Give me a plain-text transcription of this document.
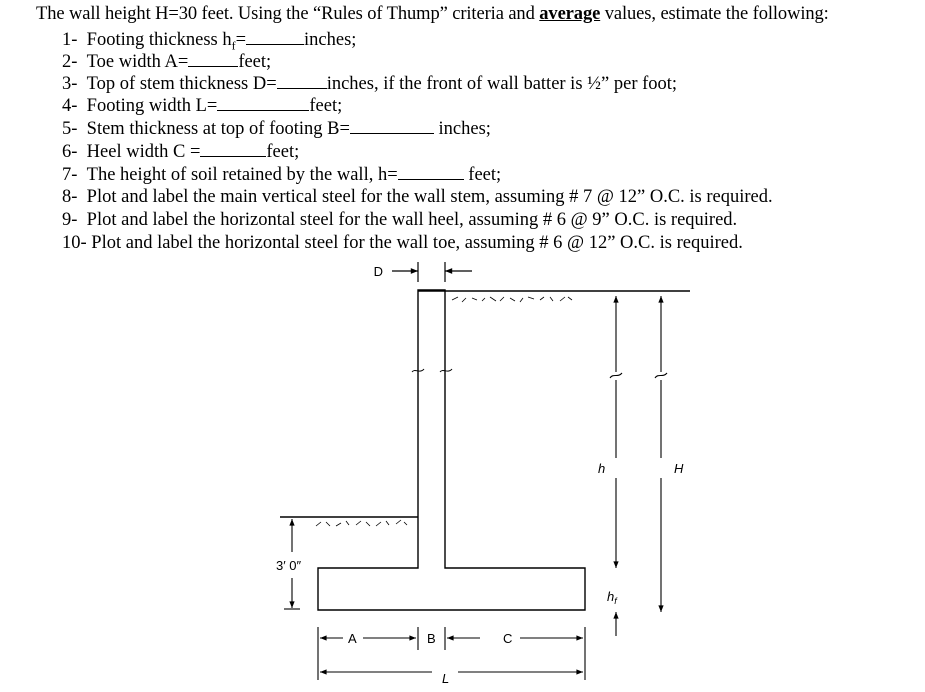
The wall height H=30 feet. Using the “Rules of Thump” criteria and average values, estimate the following:
1- Footing thickness $h_f=$	inches;
2- Toe width A=	feet;
3- Top of stem thickness D=	inches, if the front of wall batter is ½” per foot;
4- Footing width L=	feet;
5- Stem thickness at top of footing B=	inches;
6- Heel width C =	feet;
7- The height of soil retained by the wall, h=	feet;
8- Plot and label the main vertical steel for the wall stem, assuming # 7 @ 12” O.C. is required.
9- Plot and label the horizontal steel for the wall heel, assuming # 6 @ 9” O.C. is required.
10- Plot and label the horizontal steel for the wall toe, assuming # 6 @ 12” O.C. is required.
D
h	H
$h_f$
3′ 0″
A	B	C
L
